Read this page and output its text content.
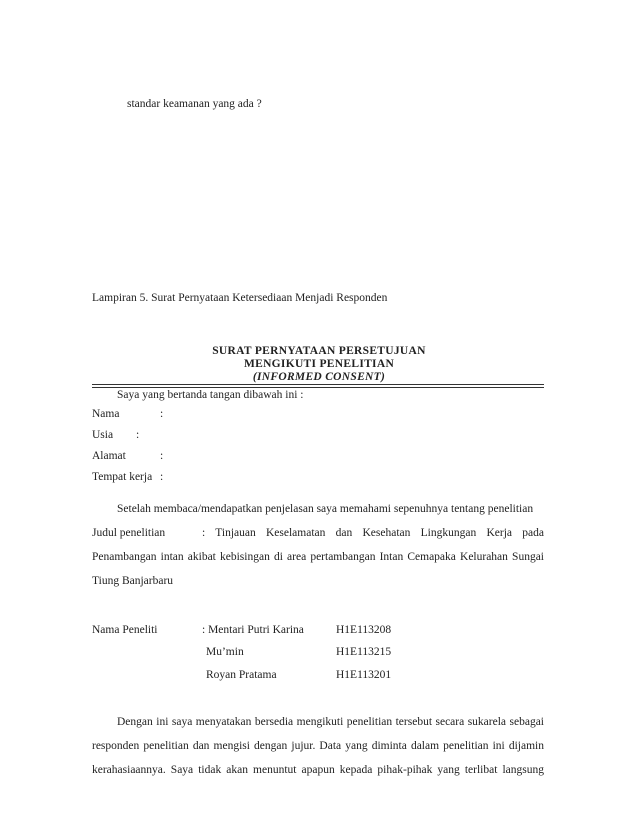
standar keamanan yang ada ?
Lampiran 5. Surat Pernyataan Ketersediaan Menjadi Responden
SURAT PERNYATAAN PERSETUJUAN
MENGIKUTI PENELITIAN
(INFORMED CONSENT)
Saya yang bertanda tangan dibawah ini :
Nama	:
Usia :
Alamat	:
Tempat kerja :
Setelah membaca/mendapatkan penjelasan saya memahami sepenuhnya tentang penelitian
Judul penelitian	: Tinjauan Keselamatan dan Kesehatan Lingkungan Kerja pada
Penambangan intan akibat kebisingan di area pertambangan Intan Cemapaka Kelurahan Sungai
Tiung Banjarbaru
Nama Peneliti	: Mentari Putri Karina	H1E113208
Mu’min	H1E113215
Royan Pratama	H1E113201
Dengan ini saya menyatakan bersedia mengikuti penelitian tersebut secara sukarela sebagai
responden penelitian dan mengisi dengan jujur. Data yang diminta dalam penelitian ini dijamin
kerahasiaannya. Saya tidak akan menuntut apapun kepada pihak-pihak yang terlibat langsung
